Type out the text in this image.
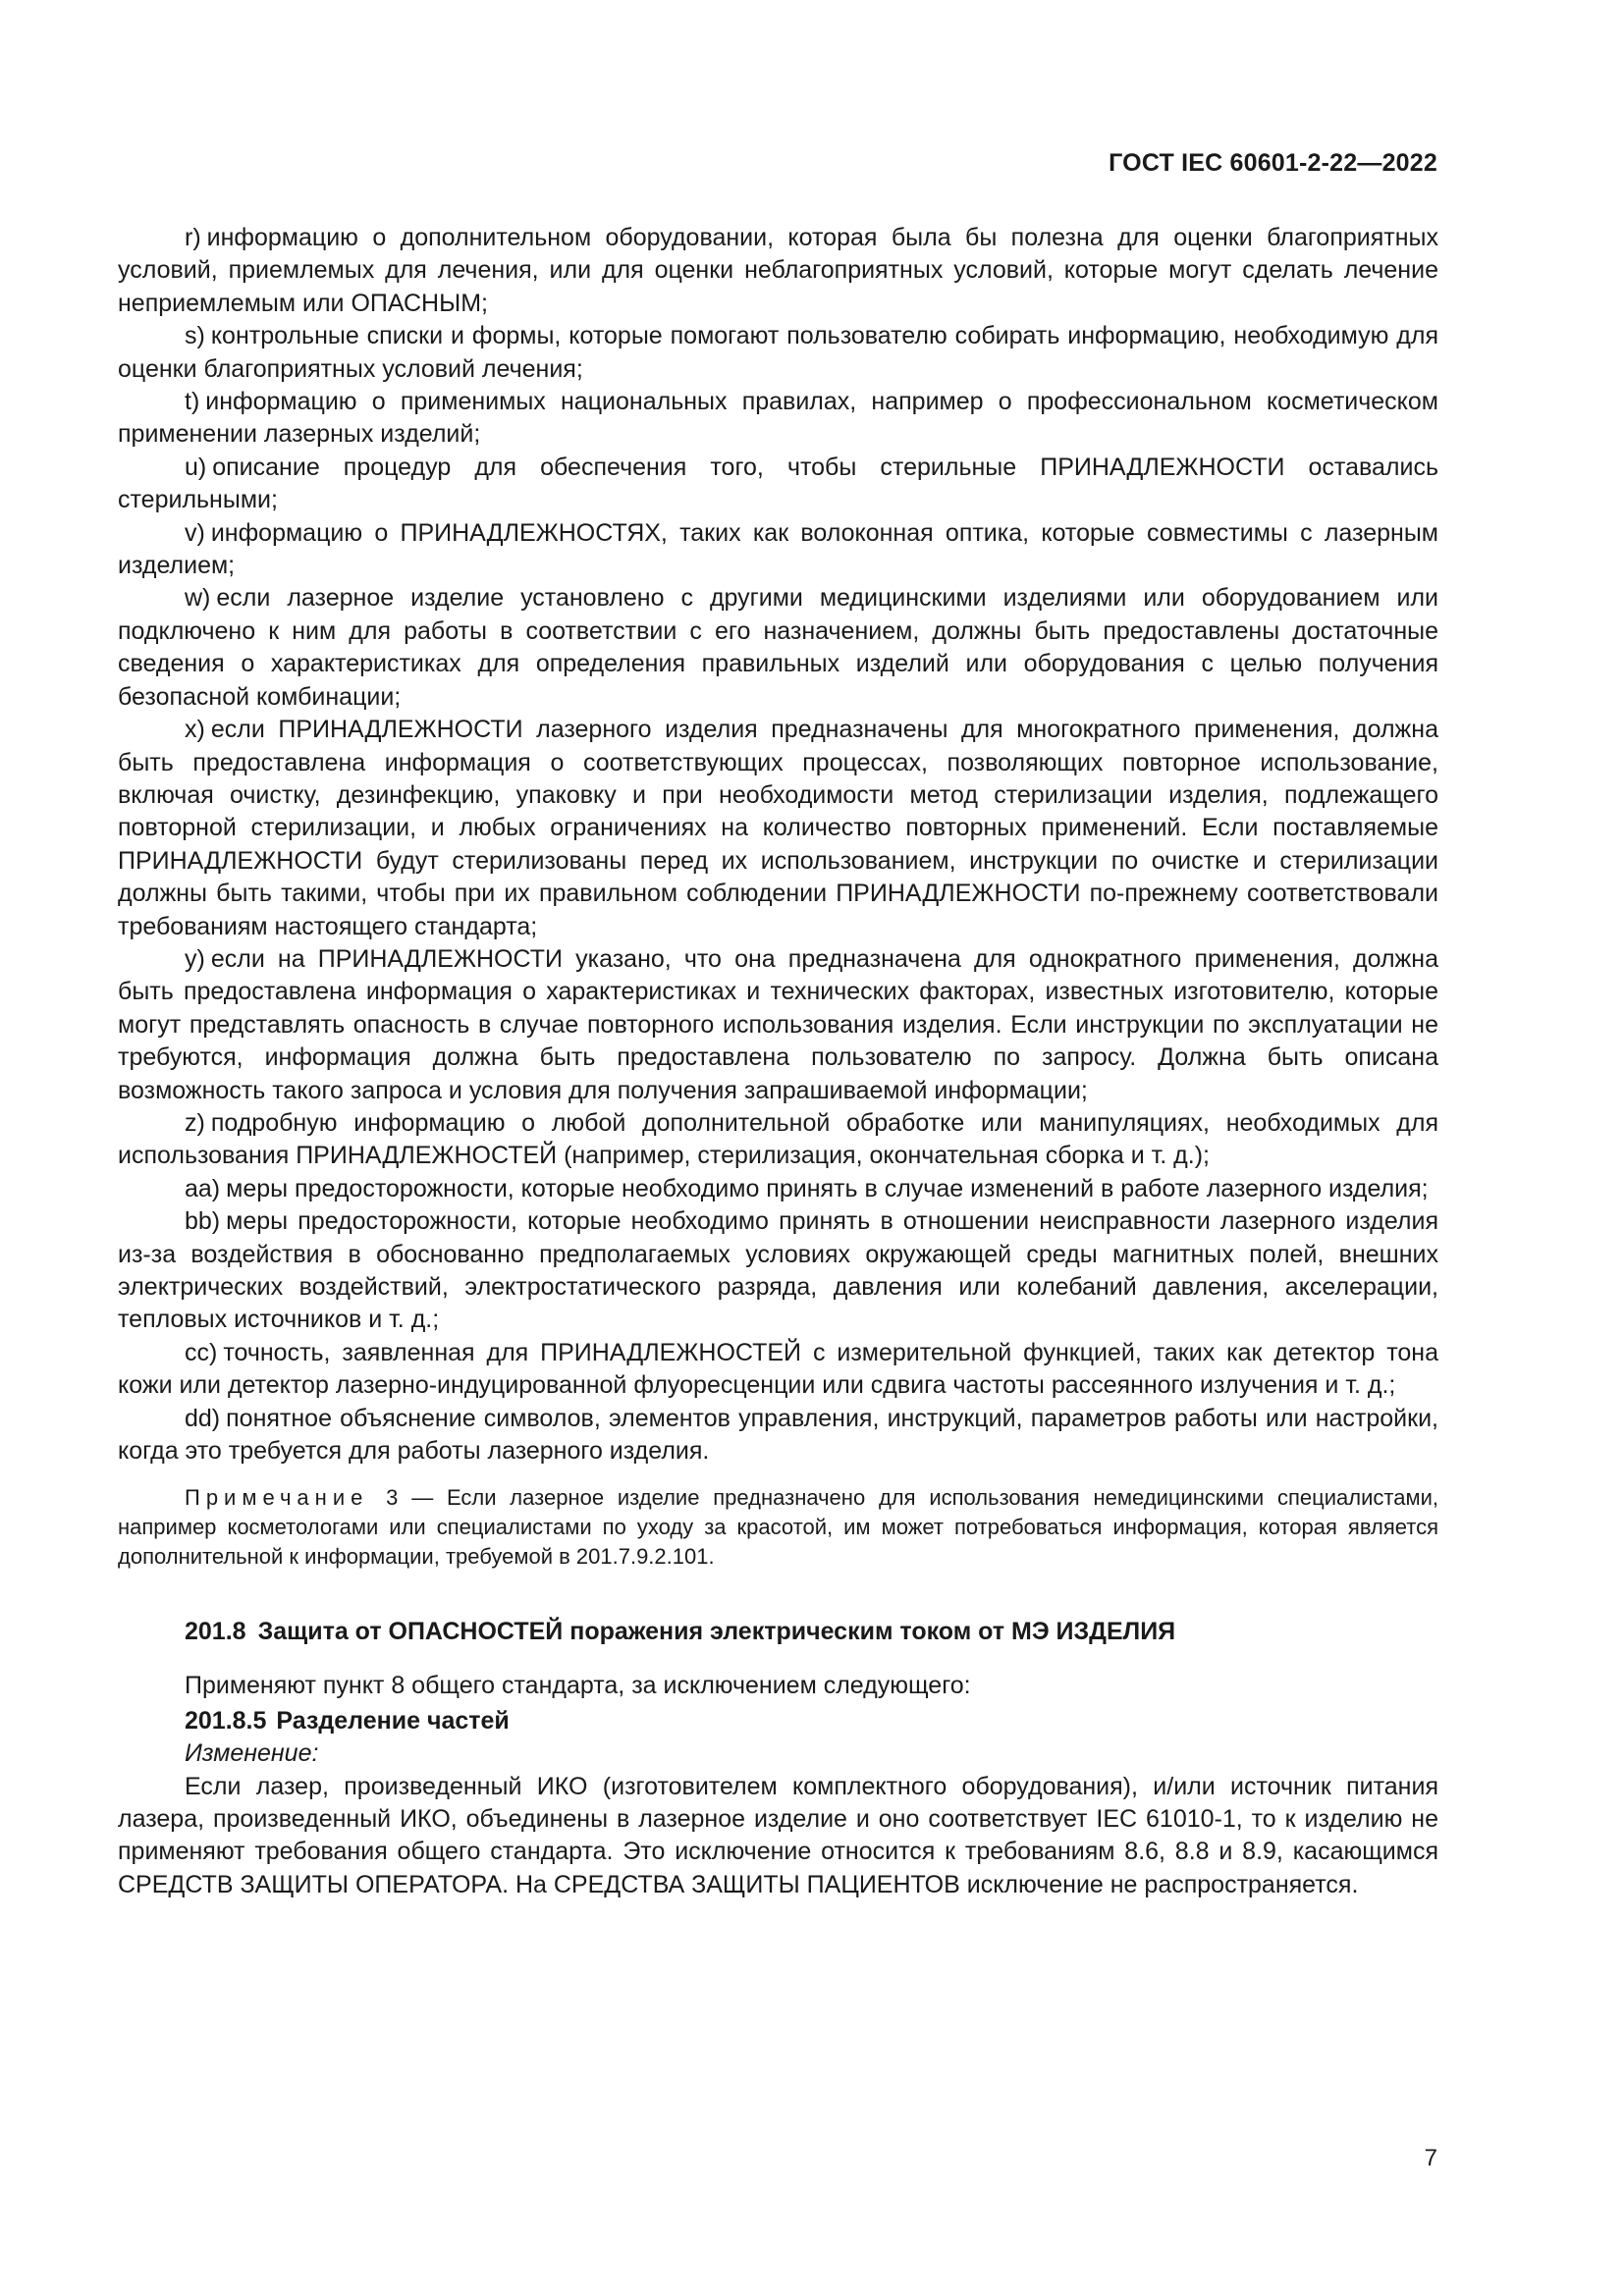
ГОСТ IEC 60601-2-22—2022

r) информацию о дополнительном оборудовании, которая была бы полезна для оценки благоприятных условий, приемлемых для лечения, или для оценки неблагоприятных условий, которые могут сделать лечение неприемлемым или ОПАСНЫМ;

s) контрольные списки и формы, которые помогают пользователю собирать информацию, необходимую для оценки благоприятных условий лечения;

t) информацию о применимых национальных правилах, например о профессиональном косметическом применении лазерных изделий;

u) описание процедур для обеспечения того, чтобы стерильные ПРИНАДЛЕЖНОСТИ оставались стерильными;

v) информацию о ПРИНАДЛЕЖНОСТЯХ, таких как волоконная оптика, которые совместимы с лазерным изделием;

w) если лазерное изделие установлено с другими медицинскими изделиями или оборудованием или подключено к ним для работы в соответствии с его назначением, должны быть предоставлены достаточные сведения о характеристиках для определения правильных изделий или оборудования с целью получения безопасной комбинации;

x) если ПРИНАДЛЕЖНОСТИ лазерного изделия предназначены для многократного применения, должна быть предоставлена информация о соответствующих процессах, позволяющих повторное использование, включая очистку, дезинфекцию, упаковку и при необходимости метод стерилизации изделия, подлежащего повторной стерилизации, и любых ограничениях на количество повторных применений. Если поставляемые ПРИНАДЛЕЖНОСТИ будут стерилизованы перед их использованием, инструкции по очистке и стерилизации должны быть такими, чтобы при их правильном соблюдении ПРИНАДЛЕЖНОСТИ по-прежнему соответствовали требованиям настоящего стандарта;

y) если на ПРИНАДЛЕЖНОСТИ указано, что она предназначена для однократного применения, должна быть предоставлена информация о характеристиках и технических факторах, известных изготовителю, которые могут представлять опасность в случае повторного использования изделия. Если инструкции по эксплуатации не требуются, информация должна быть предоставлена пользователю по запросу. Должна быть описана возможность такого запроса и условия для получения запрашиваемой информации;

z) подробную информацию о любой дополнительной обработке или манипуляциях, необходимых для использования ПРИНАДЛЕЖНОСТЕЙ (например, стерилизация, окончательная сборка и т. д.);

aa) меры предосторожности, которые необходимо принять в случае изменений в работе лазерного изделия;

bb) меры предосторожности, которые необходимо принять в отношении неисправности лазерного изделия из-за воздействия в обоснованно предполагаемых условиях окружающей среды магнитных полей, внешних электрических воздействий, электростатического разряда, давления или колебаний давления, акселерации, тепловых источников и т. д.;

cc) точность, заявленная для ПРИНАДЛЕЖНОСТЕЙ с измерительной функцией, таких как детектор тона кожи или детектор лазерно-индуцированной флуоресценции или сдвига частоты рассеянного излучения и т. д.;

dd) понятное объяснение символов, элементов управления, инструкций, параметров работы или настройки, когда это требуется для работы лазерного изделия.

Примечание 3 — Если лазерное изделие предназначено для использования немедицинскими специалистами, например косметологами или специалистами по уходу за красотой, им может потребоваться информация, которая является дополнительной к информации, требуемой в 201.7.9.2.101.

201.8 Защита от ОПАСНОСТЕЙ поражения электрическим током от МЭ ИЗДЕЛИЯ

Применяют пункт 8 общего стандарта, за исключением следующего:

201.8.5 Разделение частей

Изменение:

Если лазер, произведенный ИКО (изготовителем комплектного оборудования), и/или источник питания лазера, произведенный ИКО, объединены в лазерное изделие и оно соответствует IEC 61010-1, то к изделию не применяют требования общего стандарта. Это исключение относится к требованиям 8.6, 8.8 и 8.9, касающимся СРЕДСТВ ЗАЩИТЫ ОПЕРАТОРА. На СРЕДСТВА ЗАЩИТЫ ПАЦИЕНТОВ исключение не распространяется.

7
